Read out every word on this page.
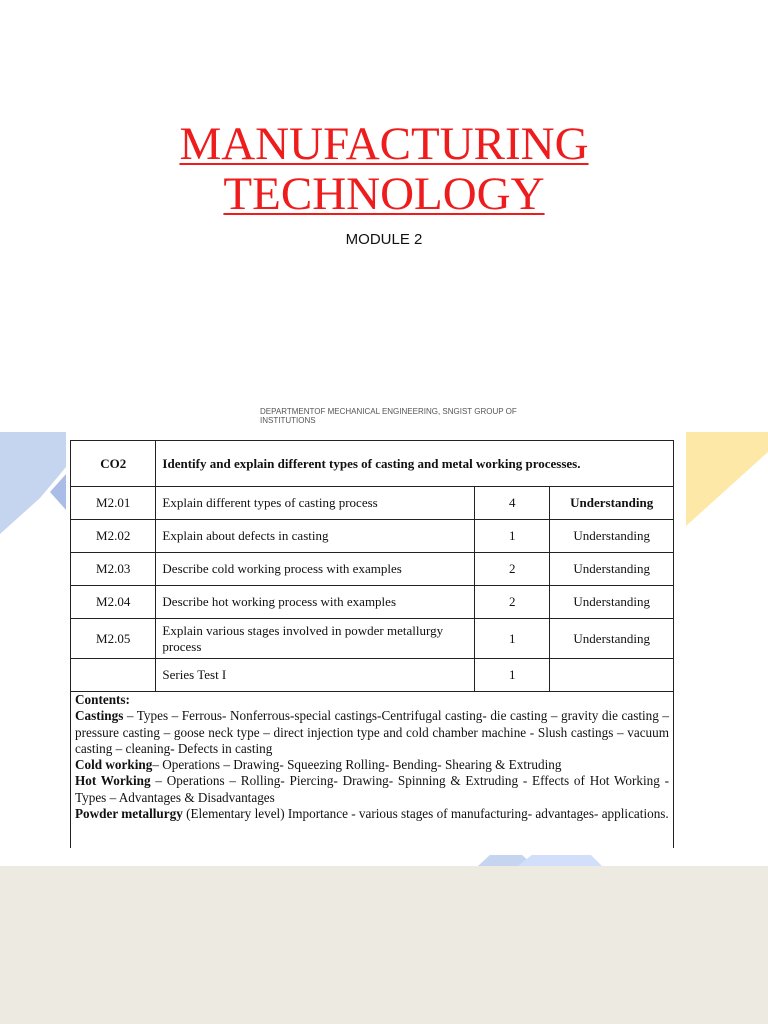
MANUFACTURING
TECHNOLOGY
MODULE 2
DEPARTMENTOF MECHANICAL ENGINEERING, SNGIST GROUP OF INSTITUTIONS
CO2	Identify and explain different types of casting and metal working processes.		
M2.01	Explain different types of casting process	4	Understanding
M2.02	Explain about defects in casting	1	Understanding
M2.03	Describe cold working process with examples	2	Understanding
M2.04	Describe hot working process with examples	2	Understanding
M2.05	Explain various stages involved in powder metallurgy process	1	Understanding
	Series Test I	1	

Contents:

Castings – Types – Ferrous- Nonferrous-special castings-Centrifugal casting- die casting – gravity die casting – pressure casting – goose neck type – direct injection type and cold chamber machine - Slush castings – vacuum casting – cleaning- Defects in casting

Cold working– Operations – Drawing- Squeezing Rolling- Bending- Shearing & Extruding

Hot Working – Operations – Rolling- Piercing- Drawing- Spinning & Extruding - Effects of Hot Working - Types – Advantages & Disadvantages

Powder metallurgy (Elementary level) Importance - various stages of manufacturing- advantages- applications.
